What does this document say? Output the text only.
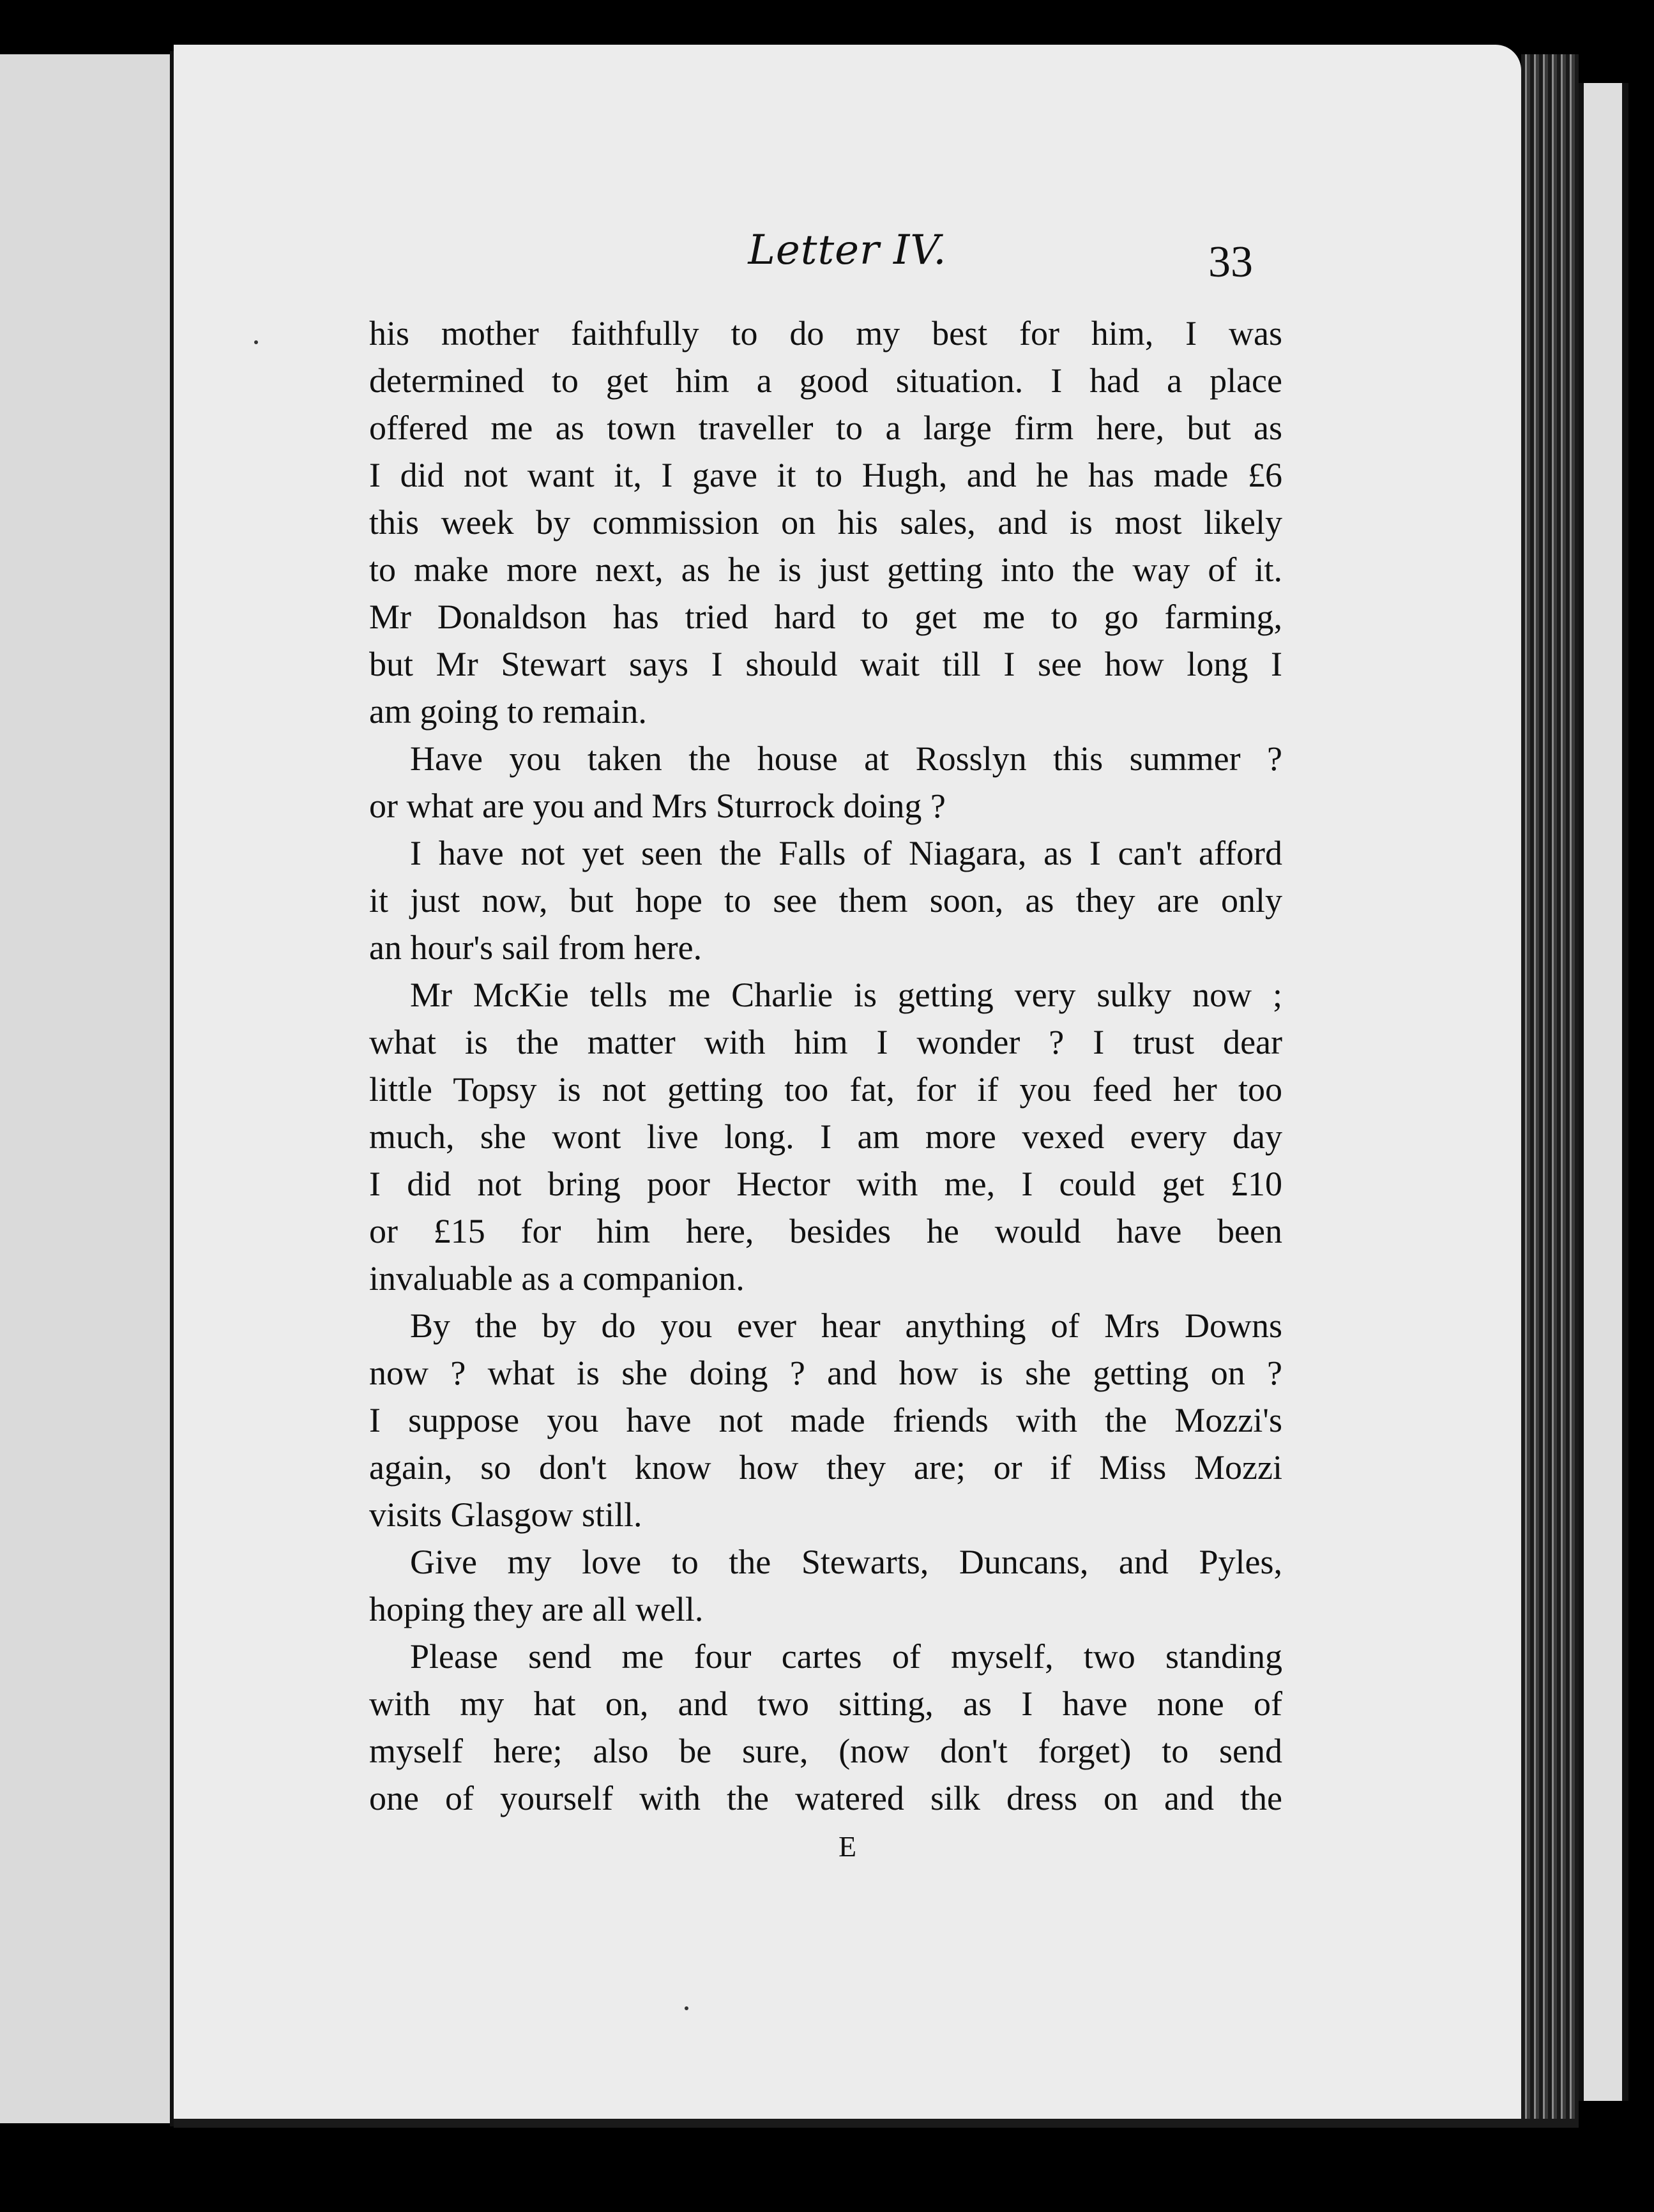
Letter IV.	33
his mother faithfully to do my best for him, I was
determined to get him a good situation. I had a place
offered me as town traveller to a large firm here, but as
I did not want it, I gave it to Hugh, and he has made £6
this week by commission on his sales, and is most likely
to make more next, as he is just getting into the way of it.
Mr Donaldson has tried hard to get me to go farming,
but Mr Stewart says I should wait till I see how long I
am going to remain.
Have you taken the house at Rosslyn this summer ?
or what are you and Mrs Sturrock doing ?
I have not yet seen the Falls of Niagara, as I can't afford
it just now, but hope to see them soon, as they are only
an hour's sail from here.
Mr McKie tells me Charlie is getting very sulky now ;
what is the matter with him I wonder ? I trust dear
little Topsy is not getting too fat, for if you feed her too
much, she wont live long. I am more vexed every day
I did not bring poor Hector with me, I could get £10
or £15 for him here, besides he would have been
invaluable as a companion.
By the by do you ever hear anything of Mrs Downs
now ? what is she doing ? and how is she getting on ?
I suppose you have not made friends with the Mozzi's
again, so don't know how they are; or if Miss Mozzi
visits Glasgow still.
Give my love to the Stewarts, Duncans, and Pyles,
hoping they are all well.
Please send me four cartes of myself, two standing
with my hat on, and two sitting, as I have none of
myself here; also be sure, (now don't forget) to send
one of yourself with the watered silk dress on and the
E
